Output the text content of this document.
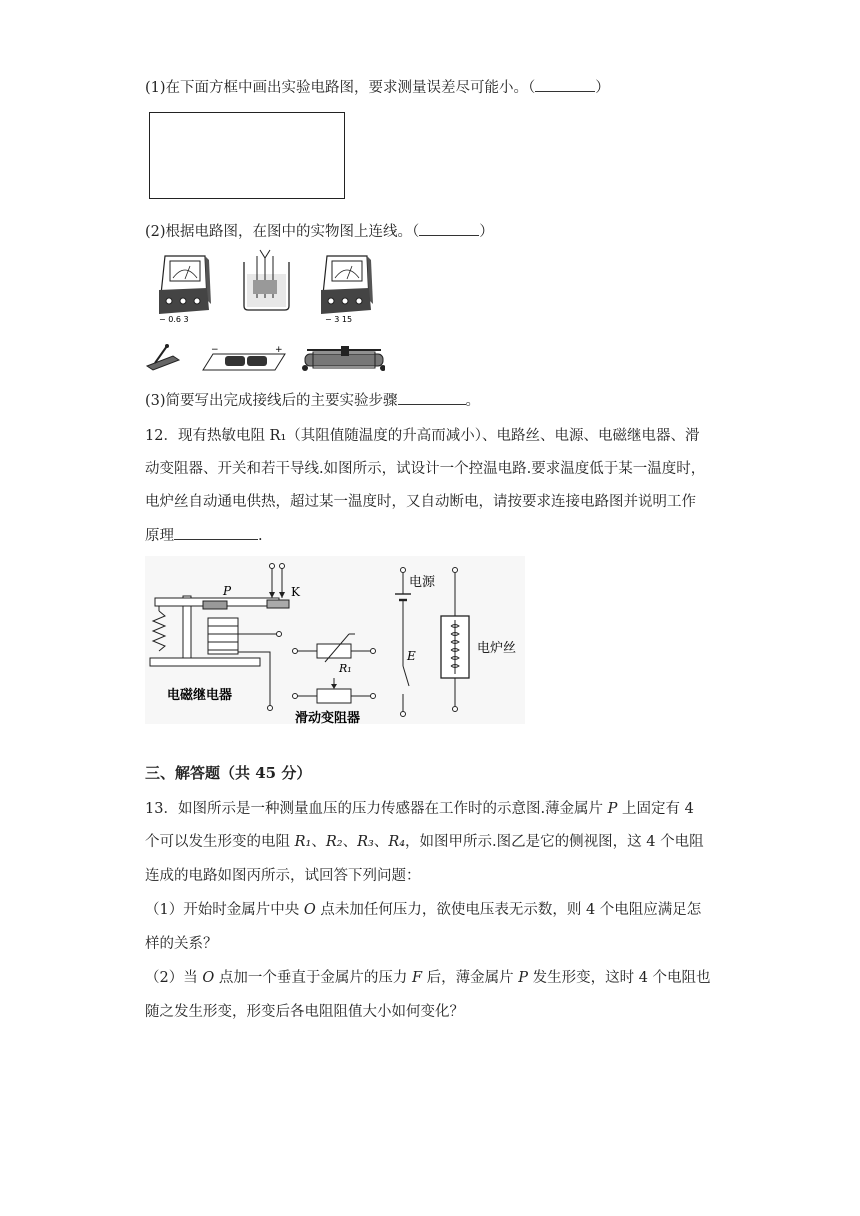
(1)在下面方框中画出实验电路图，要求测量误差尽可能小。（	）
(2)根据电路图，在图中的实物图上连线。（	）
− 0.6 3	− 3 15
−	+
(3)简要写出完成接线后的主要实验步骤	。
12．现有热敏电阻 R₁（其阻值随温度的升高而减小）、电路丝、电源、电磁继电器、滑
动变阻器、开关和若干导线.如图所示，试设计一个控温电路.要求温度低于某一温度时，
电炉丝自动通电供热，超过某一温度时，又自动断电，请按要求连接电路图并说明工作
原理	.
P	K
电磁继电器
R₁
滑动变阻器
电源
E	电炉丝
三、解答题（共 45 分）
13．如图所示是一种测量血压的压力传感器在工作时的示意图.薄金属片 P 上固定有 4
个可以发生形变的电阻 R₁、R₂、R₃、R₄，如图甲所示.图乙是它的侧视图，这 4 个电阻
连成的电路如图丙所示，试回答下列问题：
（1）开始时金属片中央 O 点未加任何压力，欲使电压表无示数，则 4 个电阻应满足怎
样的关系？
（2）当 O 点加一个垂直于金属片的压力 F 后，薄金属片 P 发生形变，这时 4 个电阻也
随之发生形变，形变后各电阻阻值大小如何变化？
